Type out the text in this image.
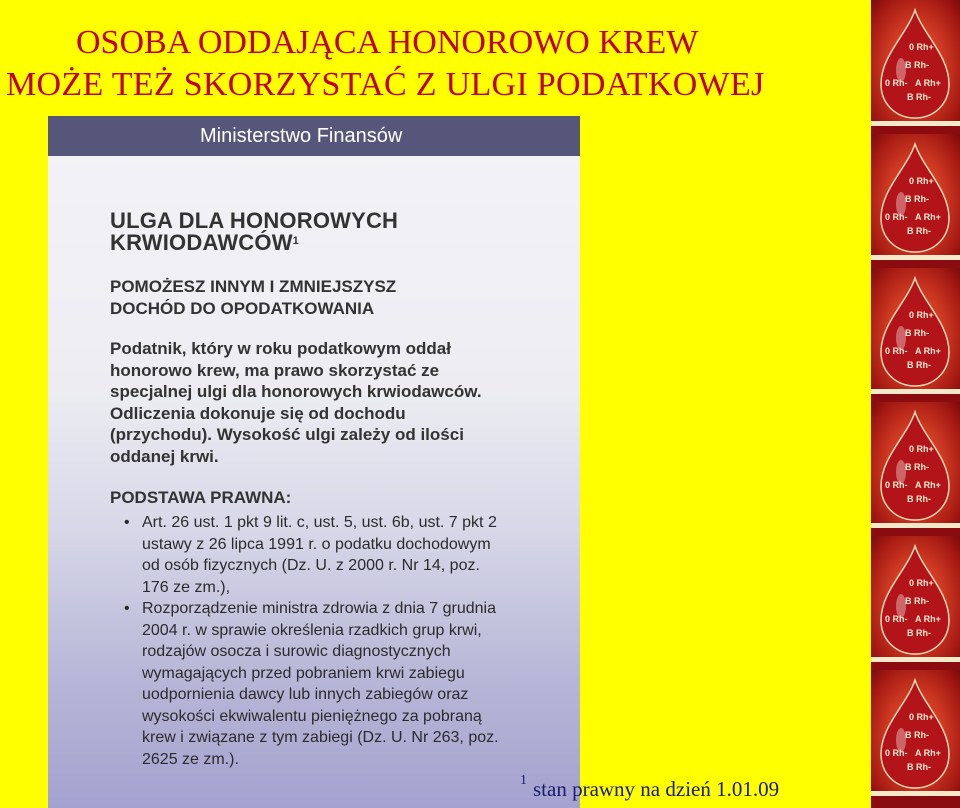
OSOBA ODDAJĄCA HONOROWO KREW
MOŻE TEŻ SKORZYSTAĆ Z ULGI PODATKOWEJ
Ministerstwo Finansów
ULGA DLA HONOROWYCH
KRWIODAWCÓW$^1$
POMOŻESZ INNYM I ZMNIEJSZYSZ
DOCHÓD DO OPODATKOWANIA
Podatnik, który w roku podatkowym oddał honorowo krew, ma prawo skorzystać ze specjalnej ulgi dla honorowych krwiodawców. Odliczenia dokonuje się od dochodu (przychodu). Wysokość ulgi zależy od ilości oddanej krwi.
PODSTAWA PRAWNA:
• Art. 26 ust. 1 pkt 9 lit. c, ust. 5, ust. 6b, ust. 7 pkt 2 ustawy z 26 lipca 1991 r. o podatku dochodowym od osób fizycznych (Dz. U. z 2000 r. Nr 14, poz. 176 ze zm.),
• Rozporządzenie ministra zdrowia z dnia 7 grudnia 2004 r. w sprawie określenia rzadkich grup krwi, rodzajów osocza i surowic diagnostycznych wymagających przed pobraniem krwi zabiegu uodpornienia dawcy lub innych zabiegów oraz wysokości ekwiwalentu pieniężnego za pobraną krew i związane z tym zabiegi (Dz. U. Nr 263, poz. 2625 ze zm.).
$^1$ stan prawny na dzień 1.01.09
0 Rh+
B Rh-
0 Rh- A Rh+
B Rh-
0 Rh+
B Rh-
0 Rh- A Rh+
B Rh-
0 Rh+
B Rh-
0 Rh- A Rh+
B Rh-
0 Rh+
B Rh-
0 Rh- A Rh+
B Rh-
0 Rh+
B Rh-
0 Rh- A Rh+
B Rh-
0 Rh+
B Rh-
0 Rh- A Rh+
B Rh-
